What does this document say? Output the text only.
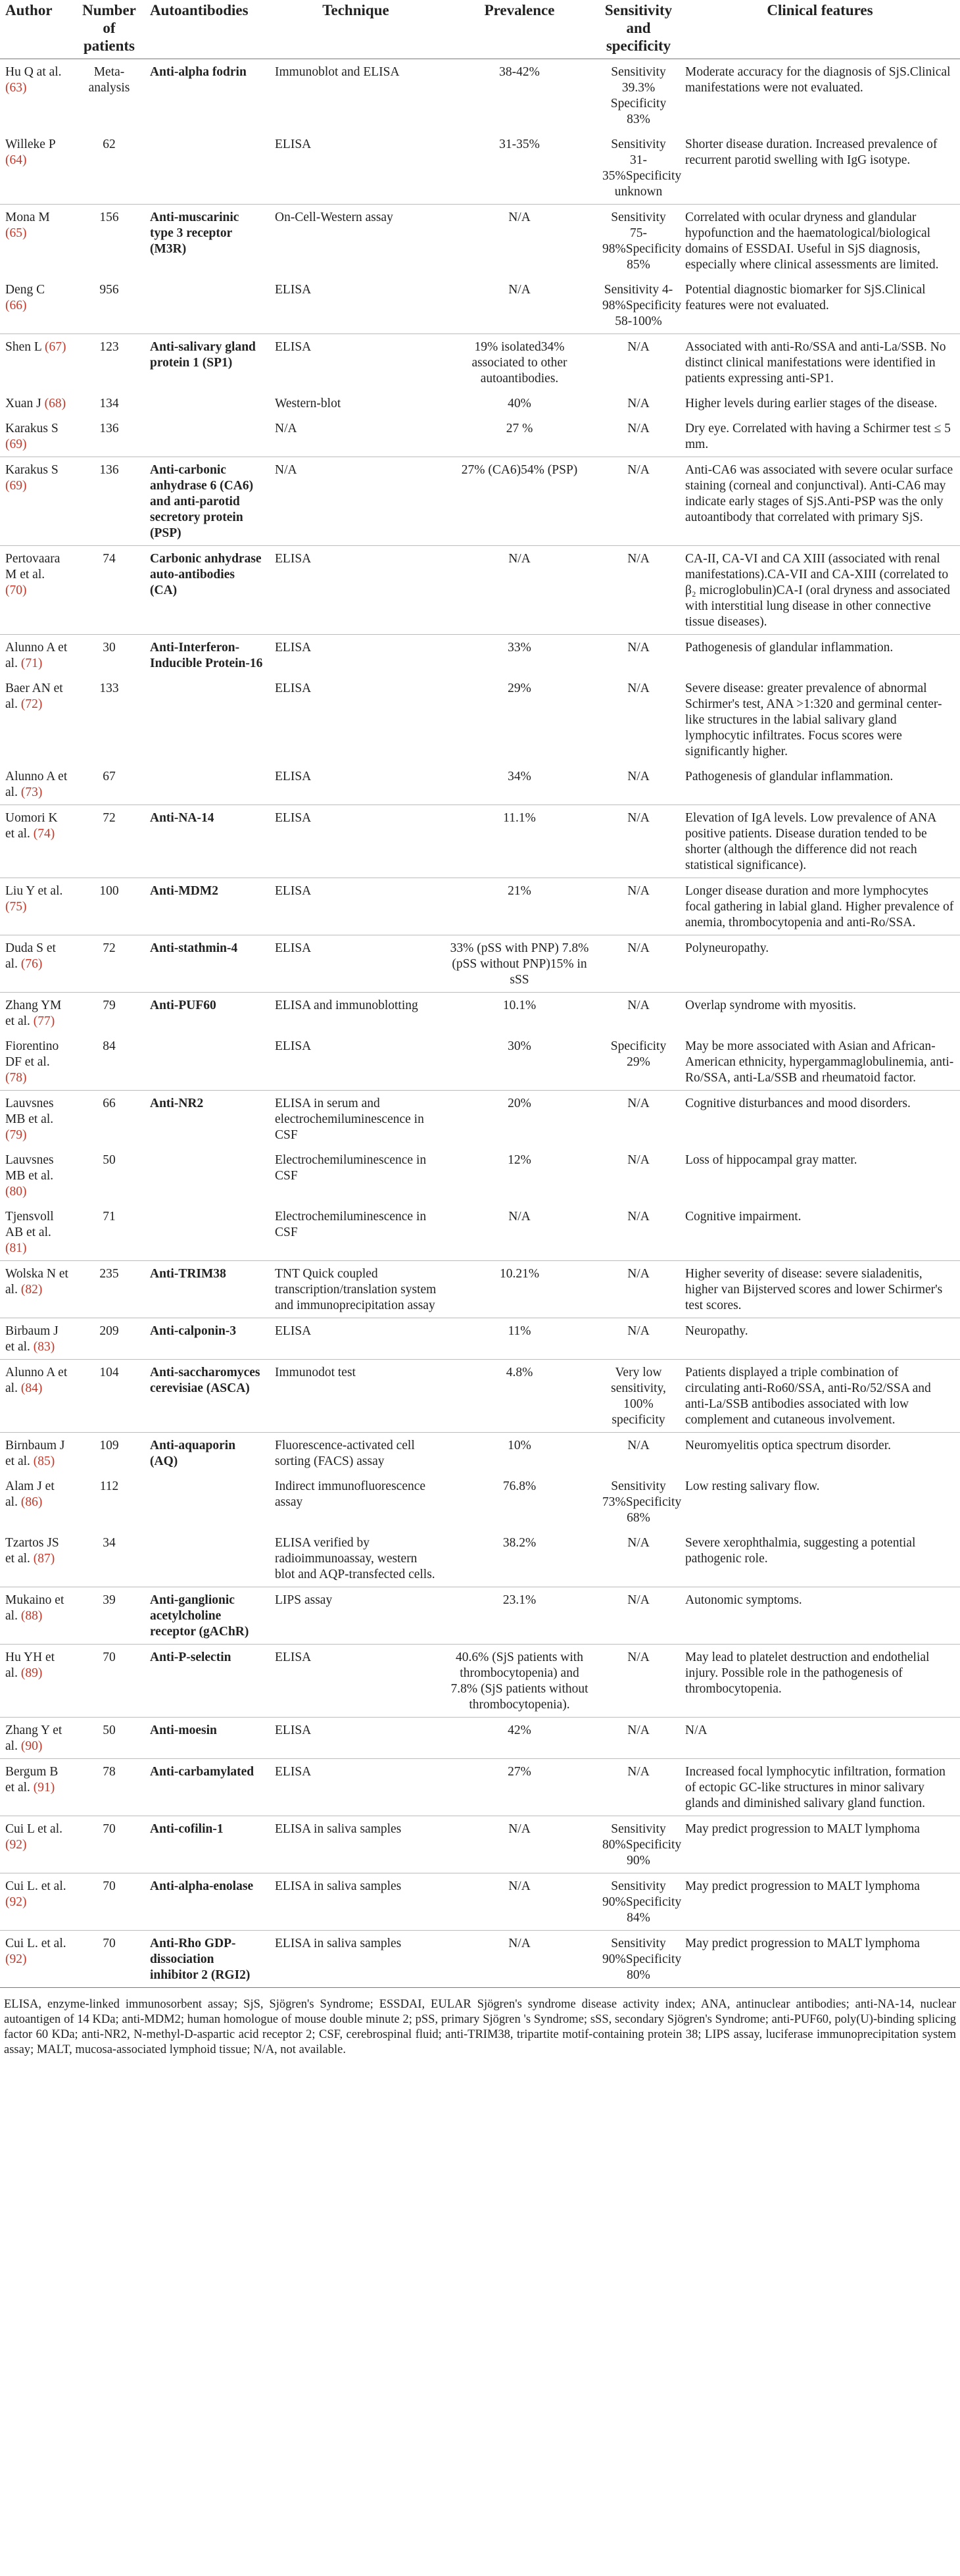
Author	Number of patients	Autoantibodies	Technique	Prevalence	Sensitivity and specificity	Clinical features
Hu Q at al. (63)	Meta-analysis	Anti-alpha fodrin	Immunoblot and ELISA	38-42%	Sensitivity 39.3% Specificity 83%	Moderate accuracy for the diagnosis of SjS.Clinical manifestations were not evaluated.
Willeke P (64)	62		ELISA	31-35%	Sensitivity 31-35%Specificity unknown	Shorter disease duration. Increased prevalence of recurrent parotid swelling with IgG isotype.
Mona M (65)	156	Anti-muscarinic type 3 receptor (M3R)	On-Cell-Western assay	N/A	Sensitivity 75-98%Specificity 85%	Correlated with ocular dryness and glandular hypofunction and the haematological/biological domains of ESSDAI. Useful in SjS diagnosis, especially where clinical assessments are limited.
Deng C (66)	956		ELISA	N/A	Sensitivity 4-98%Specificity 58-100%	Potential diagnostic biomarker for SjS.Clinical features were not evaluated.
Shen L (67)	123	Anti-salivary gland protein 1 (SP1)	ELISA	19% isolated34% associated to other autoantibodies.	N/A	Associated with anti-Ro/SSA and anti-La/SSB. No distinct clinical manifestations were identified in patients expressing anti-SP1.
Xuan J (68)	134		Western-blot	40%	N/A	Higher levels during earlier stages of the disease.
Karakus S (69)	136		N/A	27 %	N/A	Dry eye. Correlated with having a Schirmer test ≤ 5 mm.
Karakus S (69)	136	Anti-carbonic anhydrase 6 (CA6) and anti-parotid secretory protein (PSP)	N/A	27% (CA6)54% (PSP)	N/A	Anti-CA6 was associated with severe ocular surface staining (corneal and conjunctival). Anti-CA6 may indicate early stages of SjS.Anti-PSP was the only autoantibody that correlated with primary SjS.
Pertovaara M et al. (70)	74	Carbonic anhydrase auto-antibodies (CA)	ELISA	N/A	N/A	CA-II, CA-VI and CA XIII (associated with renal manifestations).CA-VII and CA-XIII (correlated to β₂ microglobulin)CA-I (oral dryness and associated with interstitial lung disease in other connective tissue diseases).
Alunno A et al. (71)	30	Anti-Interferon-Inducible Protein-16	ELISA	33%	N/A	Pathogenesis of glandular inflammation.
Baer AN et al. (72)	133		ELISA	29%	N/A	Severe disease: greater prevalence of abnormal Schirmer's test, ANA >1:320 and germinal center-like structures in the labial salivary gland lymphocytic infiltrates. Focus scores were significantly higher.
Alunno A et al. (73)	67		ELISA	34%	N/A	Pathogenesis of glandular inflammation.
Uomori K et al. (74)	72	Anti-NA-14	ELISA	11.1%	N/A	Elevation of IgA levels. Low prevalence of ANA positive patients. Disease duration tended to be shorter (although the difference did not reach statistical significance).
Liu Y et al. (75)	100	Anti-MDM2	ELISA	21%	N/A	Longer disease duration and more lymphocytes focal gathering in labial gland. Higher prevalence of anemia, thrombocytopenia and anti-Ro/SSA.
Duda S et al. (76)	72	Anti-stathmin-4	ELISA	33% (pSS with PNP) 7.8% (pSS without PNP)15% in sSS	N/A	Polyneuropathy.
Zhang YM et al. (77)	79	Anti-PUF60	ELISA and immunoblotting	10.1%	N/A	Overlap syndrome with myositis.
Fiorentino DF et al. (78)	84		ELISA	30%	Specificity 29%	May be more associated with Asian and African-American ethnicity, hypergammaglobulinemia, anti-Ro/SSA, anti-La/SSB and rheumatoid factor.
Lauvsnes MB et al. (79)	66	Anti-NR2	ELISA in serum and electrochemiluminescence in CSF	20%	N/A	Cognitive disturbances and mood disorders.
Lauvsnes MB et al. (80)	50		Electrochemiluminescence in CSF	12%	N/A	Loss of hippocampal gray matter.
Tjensvoll AB et al. (81)	71		Electrochemiluminescence in CSF	N/A	N/A	Cognitive impairment.
Wolska N et al. (82)	235	Anti-TRIM38	TNT Quick coupled transcription/translation system and immunoprecipitation assay	10.21%	N/A	Higher severity of disease: severe sialadenitis, higher van Bijsterved scores and lower Schirmer's test scores.
Birbaum J et al. (83)	209	Anti-calponin-3	ELISA	11%	N/A	Neuropathy.
Alunno A et al. (84)	104	Anti-saccharomyces cerevisiae (ASCA)	Immunodot test	4.8%	Very low sensitivity, 100% specificity	Patients displayed a triple combination of circulating anti-Ro60/SSA, anti-Ro/52/SSA and anti-La/SSB antibodies associated with low complement and cutaneous involvement.
Birnbaum J et al. (85)	109	Anti-aquaporin (AQ)	Fluorescence-activated cell sorting (FACS) assay	10%	N/A	Neuromyelitis optica spectrum disorder.
Alam J et al. (86)	112		Indirect immunofluorescence assay	76.8%	Sensitivity 73%Specificity 68%	Low resting salivary flow.
Tzartos JS et al. (87)	34		ELISA verified by radioimmunoassay, western blot and AQP-transfected cells.	38.2%	N/A	Severe xerophthalmia, suggesting a potential pathogenic role.
Mukaino et al. (88)	39	Anti-ganglionic acetylcholine receptor (gAChR)	LIPS assay	23.1%	N/A	Autonomic symptoms.
Hu YH et al. (89)	70	Anti-P-selectin	ELISA	40.6% (SjS patients with thrombocytopenia) and 7.8% (SjS patients without thrombocytopenia).	N/A	May lead to platelet destruction and endothelial injury. Possible role in the pathogenesis of thrombocytopenia.
Zhang Y et al. (90)	50	Anti-moesin	ELISA	42%	N/A	N/A
Bergum B et al. (91)	78	Anti-carbamylated	ELISA	27%	N/A	Increased focal lymphocytic infiltration, formation of ectopic GC-like structures in minor salivary glands and diminished salivary gland function.
Cui L et al. (92)	70	Anti-cofilin-1	ELISA in saliva samples	N/A	Sensitivity 80%Specificity 90%	May predict progression to MALT lymphoma
Cui L. et al. (92)	70	Anti-alpha-enolase	ELISA in saliva samples	N/A	Sensitivity 90%Specificity 84%	May predict progression to MALT lymphoma
Cui L. et al. (92)	70	Anti-Rho GDP-dissociation inhibitor 2 (RGI2)	ELISA in saliva samples	N/A	Sensitivity 90%Specificity 80%	May predict progression to MALT lymphoma
ELISA, enzyme-linked immunosorbent assay; SjS, Sjögren's Syndrome; ESSDAI, EULAR Sjögren's syndrome disease activity index; ANA, antinuclear antibodies; anti-NA-14, nuclear autoantigen of 14 KDa; anti-MDM2; human homologue of mouse double minute 2; pSS, primary Sjögren 's Syndrome; sSS, secondary Sjögren's Syndrome; anti-PUF60, poly(U)-binding splicing factor 60 KDa; anti-NR2, N-methyl-D-aspartic acid receptor 2; CSF, cerebrospinal fluid; anti-TRIM38, tripartite motif-containing protein 38; LIPS assay, luciferase immunoprecipitation system assay; MALT, mucosa-associated lymphoid tissue; N/A, not available.						
